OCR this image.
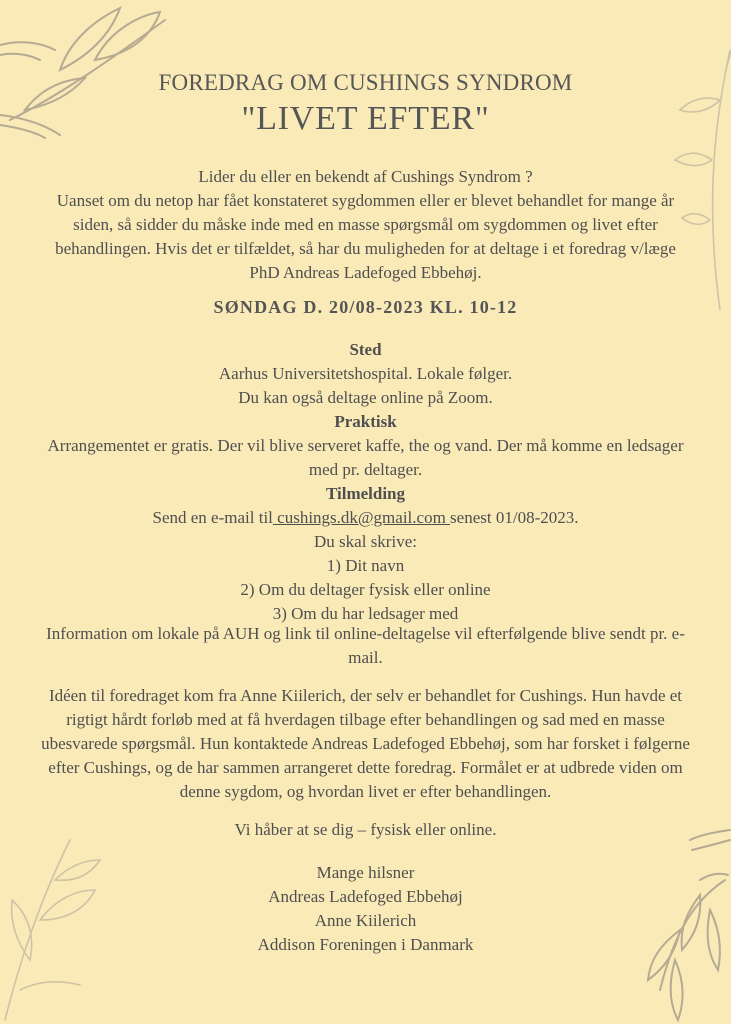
FOREDRAG OM CUSHINGS SYNDROM
"LIVET EFTER"
Lider du eller en bekendt af Cushings Syndrom ?
Uanset om du netop har fået konstateret sygdommen eller er blevet behandlet for mange år siden, så sidder du måske inde med en masse spørgsmål om sygdommen og livet efter behandlingen. Hvis det er tilfældet, så har du muligheden for at deltage i et foredrag v/læge PhD Andreas Ladefoged Ebbehøj.
SØNDAG D. 20/08-2023 KL. 10-12
Sted
Aarhus Universitetshospital. Lokale følger.
Du kan også deltage online på Zoom.
Praktisk
Arrangementet er gratis. Der vil blive serveret kaffe, the og vand. Der må komme en ledsager med pr. deltager.
Tilmelding
Send en e-mail til cushings.dk@gmail.com senest 01/08-2023.
Du skal skrive:
1) Dit navn
2) Om du deltager fysisk eller online
3) Om du har ledsager med
Information om lokale på AUH og link til online-deltagelse vil efterfølgende blive sendt pr. e-mail.
Idéen til foredraget kom fra Anne Kiilerich, der selv er behandlet for Cushings. Hun havde et rigtigt hårdt forløb med at få hverdagen tilbage efter behandlingen og sad med en masse ubesvarede spørgsmål. Hun kontaktede Andreas Ladefoged Ebbehøj, som har forsket i følgerne efter Cushings, og de har sammen arrangeret dette foredrag. Formålet er at udbrede viden om denne sygdom, og hvordan livet er efter behandlingen.
Vi håber at se dig – fysisk eller online.
Mange hilsner
Andreas Ladefoged Ebbehøj
Anne Kiilerich
Addison Foreningen i Danmark
